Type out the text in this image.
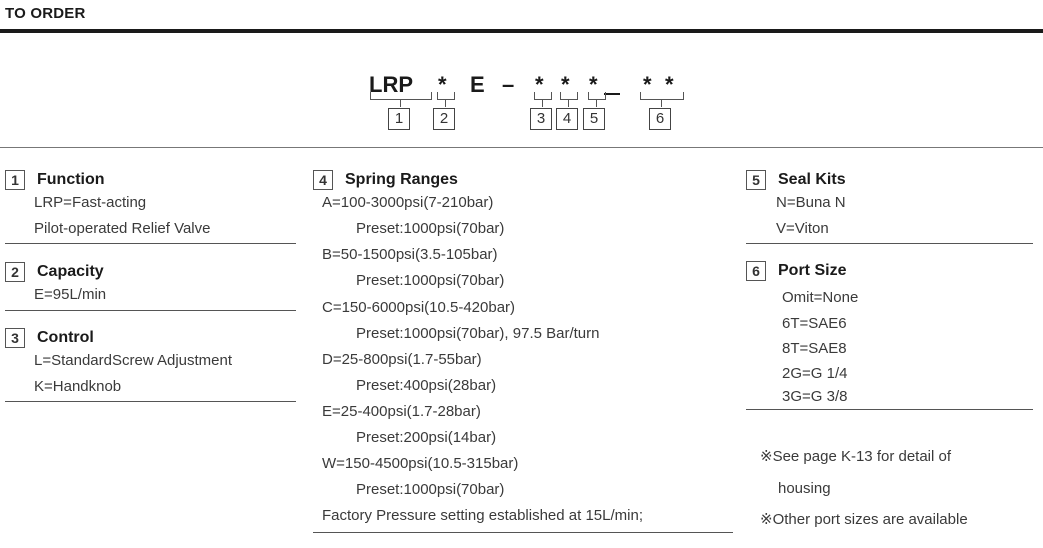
TO ORDER
LRP * E – * * * * *
1	2	3	4	5	6
1 Function
LRP=Fast-acting
Pilot-operated Relief Valve
2 Capacity
E=95L/min
3 Control
L=StandardScrew Adjustment
K=Handknob
4 Spring Ranges
A=100-3000psi(7-210bar)
Preset:1000psi(70bar)
B=50-1500psi(3.5-105bar)
Preset:1000psi(70bar)
C=150-6000psi(10.5-420bar)
Preset:1000psi(70bar), 97.5 Bar/turn
D=25-800psi(1.7-55bar)
Preset:400psi(28bar)
E=25-400psi(1.7-28bar)
Preset:200psi(14bar)
W=150-4500psi(10.5-315bar)
Preset:1000psi(70bar)
Factory Pressure setting established at 15L/min;
5 Seal Kits
N=Buna N
V=Viton
6 Port Size
Omit=None
6T=SAE6
8T=SAE8
2G=G 1/4
3G=G 3/8
※See page K-13 for detail of
housing
※Other port sizes are available
